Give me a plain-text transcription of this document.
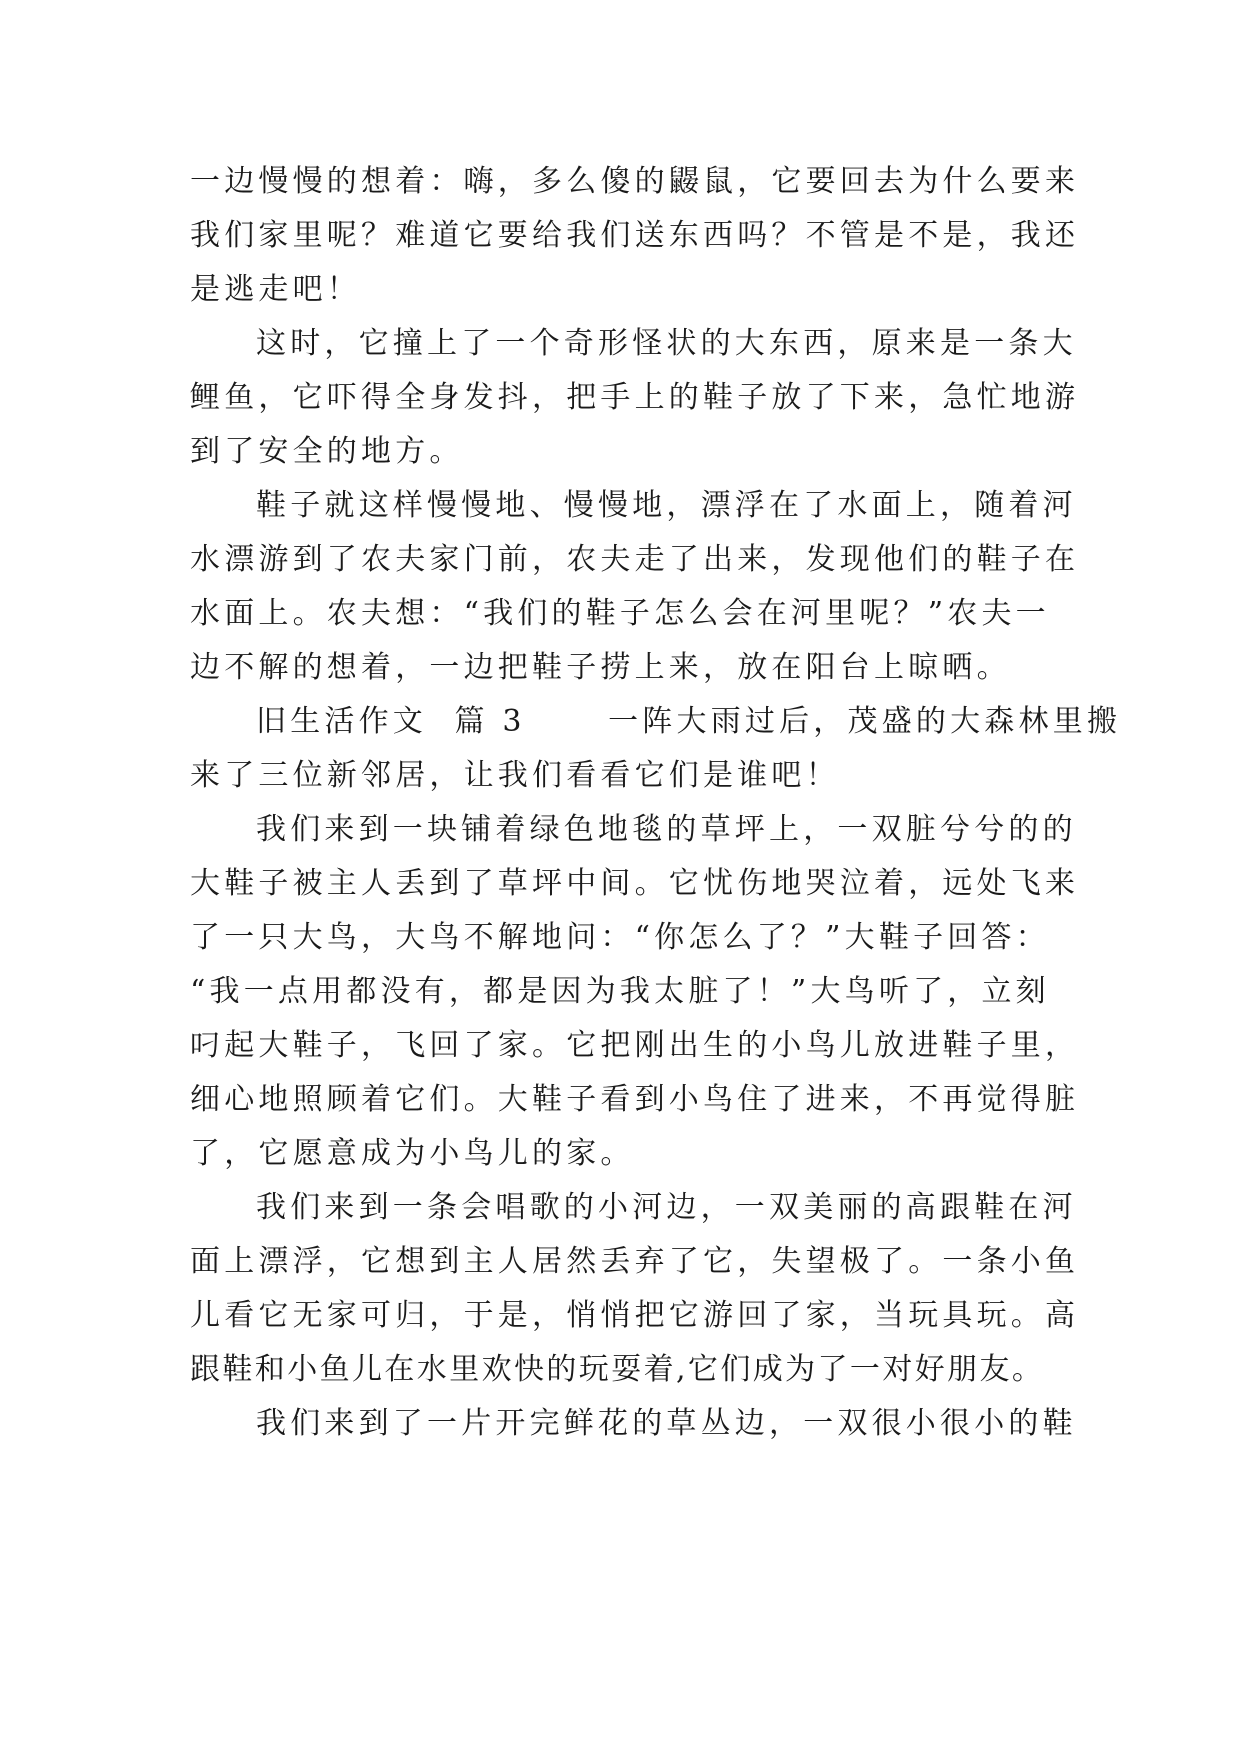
一边慢慢的想着：嗨，多么傻的鼹鼠，它要回去为什么要来
我们家里呢？难道它要给我们送东西吗？不管是不是，我还
是逃走吧！
这时，它撞上了一个奇形怪状的大东西，原来是一条大
鲤鱼，它吓得全身发抖，把手上的鞋子放了下来，急忙地游
到了安全的地方。
鞋子就这样慢慢地、慢慢地，漂浮在了水面上，随着河
水漂游到了农夫家门前，农夫走了出来，发现他们的鞋子在
水面上。农夫想：“我们的鞋子怎么会在河里呢？”农夫一
边不解的想着，一边把鞋子捞上来，放在阳台上晾晒。
旧生活作文  篇 3      一阵大雨过后，茂盛的大森林里搬
来了三位新邻居，让我们看看它们是谁吧！
我们来到一块铺着绿色地毯的草坪上，一双脏兮兮的的
大鞋子被主人丢到了草坪中间。它忧伤地哭泣着，远处飞来
了一只大鸟，大鸟不解地问：“你怎么了？”大鞋子回答：
“我一点用都没有，都是因为我太脏了！”大鸟听了，立刻
叼起大鞋子，飞回了家。它把刚出生的小鸟儿放进鞋子里，
细心地照顾着它们。大鞋子看到小鸟住了进来，不再觉得脏
了，它愿意成为小鸟儿的家。
我们来到一条会唱歌的小河边，一双美丽的高跟鞋在河
面上漂浮，它想到主人居然丢弃了它，失望极了。一条小鱼
儿看它无家可归，于是，悄悄把它游回了家，当玩具玩。高
跟鞋和小鱼儿在水里欢快的玩耍着,它们成为了一对好朋友。
我们来到了一片开完鲜花的草丛边，一双很小很小的鞋
